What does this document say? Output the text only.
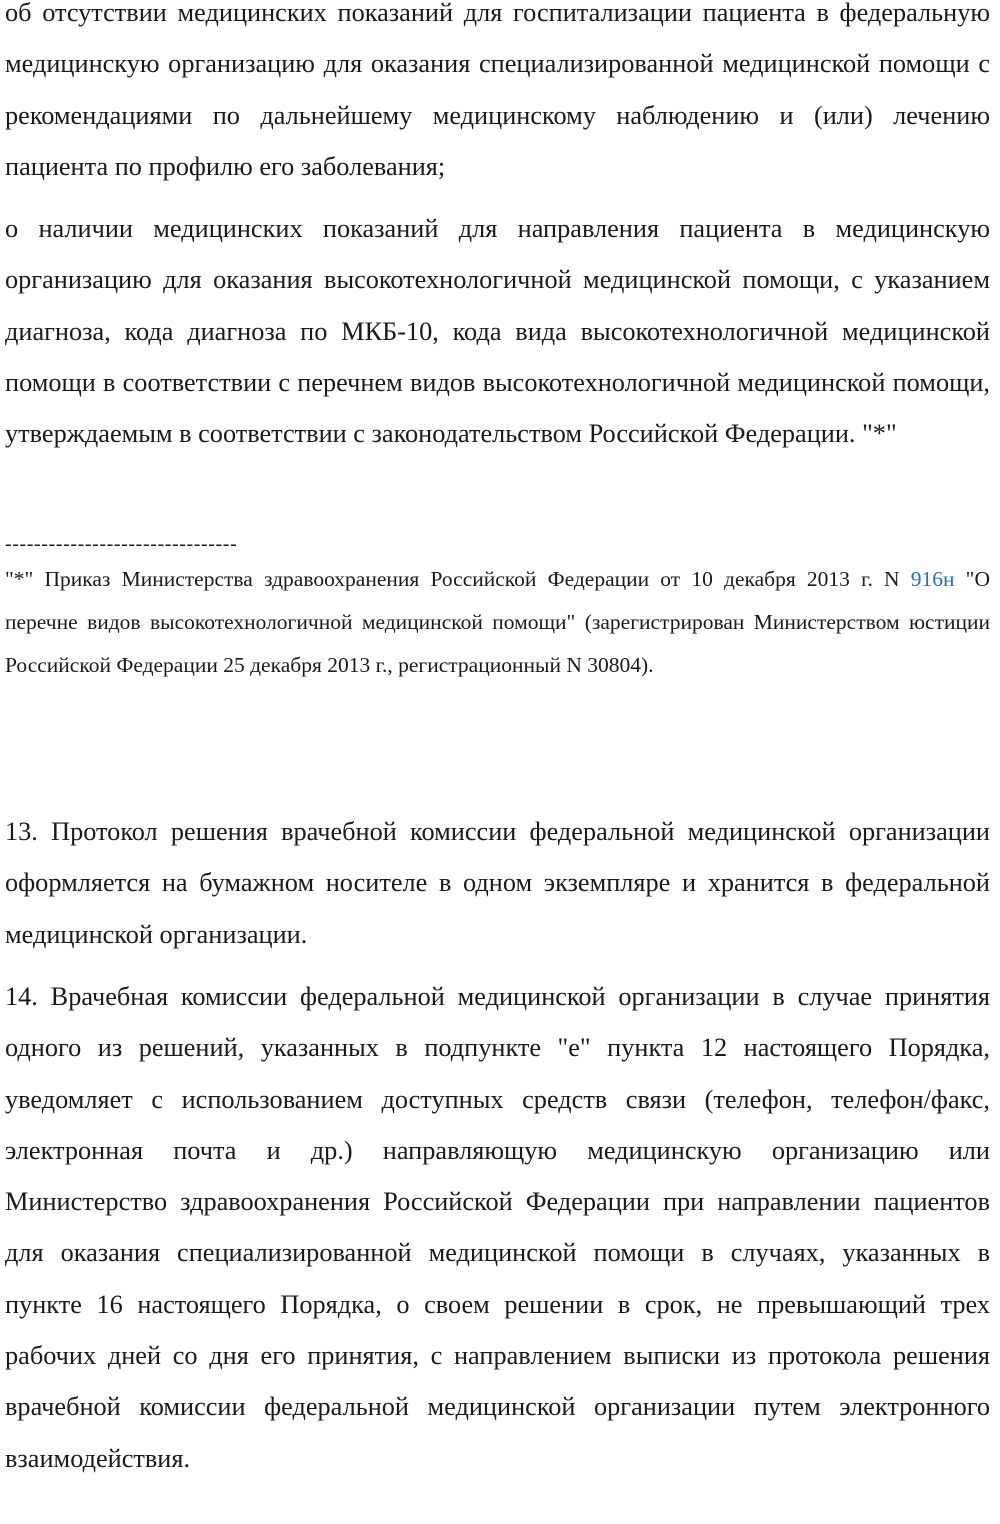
об отсутствии медицинских показаний для госпитализации пациента в федеральную медицинскую организацию для оказания специализированной медицинской помощи с рекомендациями по дальнейшему медицинскому наблюдению и (или) лечению пациента по профилю его заболевания;

о наличии медицинских показаний для направления пациента в медицинскую организацию для оказания высокотехнологичной медицинской помощи, с указанием диагноза, кода диагноза по МКБ-10, кода вида высокотехнологичной медицинской помощи в соответствии с перечнем видов высокотехнологичной медицинской помощи, утверждаемым в соответствии с законодательством Российской Федерации. "*"

--------------------------------

"*" Приказ Министерства здравоохранения Российской Федерации от 10 декабря 2013 г. N 916н "О перечне видов высокотехнологичной медицинской помощи" (зарегистрирован Министерством юстиции Российской Федерации 25 декабря 2013 г., регистрационный N 30804).

13. Протокол решения врачебной комиссии федеральной медицинской организации оформляется на бумажном носителе в одном экземпляре и хранится в федеральной медицинской организации.

14. Врачебная комиссии федеральной медицинской организации в случае принятия одного из решений, указанных в подпункте "е" пункта 12 настоящего Порядка, уведомляет с использованием доступных средств связи (телефон, телефон/факс, электронная почта и др.) направляющую медицинскую организацию или Министерство здравоохранения Российской Федерации при направлении пациентов для оказания специализированной медицинской помощи в случаях, указанных в пункте 16 настоящего Порядка, о своем решении в срок, не превышающий трех рабочих дней со дня его принятия, с направлением выписки из протокола решения врачебной комиссии федеральной медицинской организации путем электронного взаимодействия.
